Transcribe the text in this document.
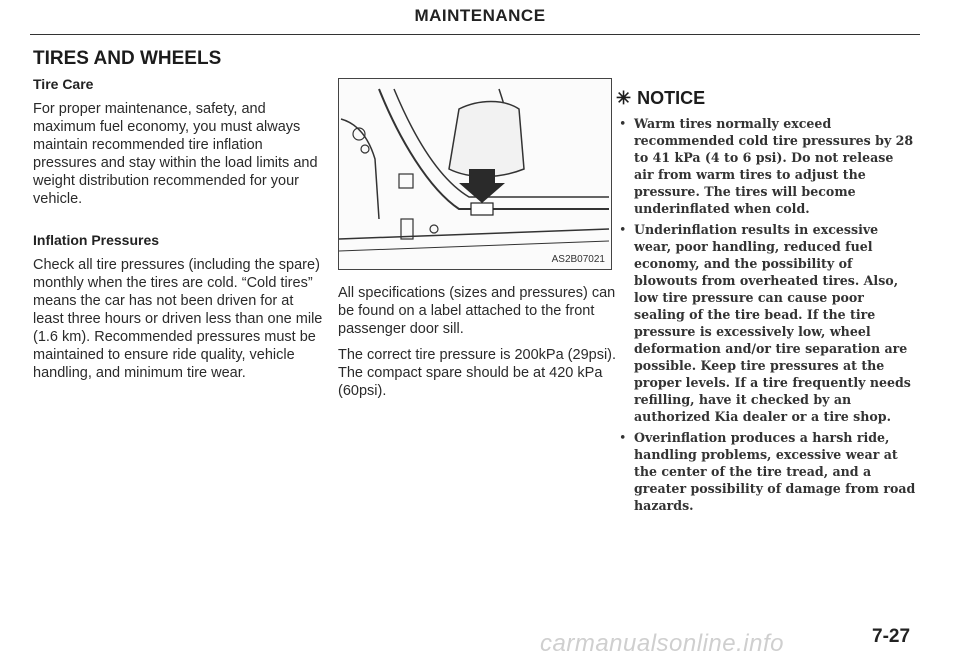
MAINTENANCE
TIRES AND WHEELS
Tire Care

For proper maintenance, safety, and maximum fuel economy, you must always maintain recommended tire inflation pressures and stay within the load limits and weight distribution recommended for your vehicle.

Inflation Pressures

Check all tire pressures (including the spare) monthly when the tires are cold. “Cold tires” means the car has not been driven for at least three hours or driven less than one mile (1.6 km). Recommended pressures must be maintained to ensure ride quality, vehicle handling, and minimum tire wear.

AS2B07021

All specifications (sizes and pressures) can be found on a label attached to the front passenger door sill.

The correct tire pressure is 200kPa (29psi). The compact spare should be at 420 kPa (60psi).

✳ NOTICE
• Warm tires normally exceed recommended cold tire pressures by 28 to 41 kPa (4 to 6 psi). Do not release air from warm tires to adjust the pressure. The tires will become underinflated when cold.
• Underinflation results in excessive wear, poor handling, reduced fuel economy, and the possibility of blowouts from overheated tires. Also, low tire pressure can cause poor sealing of the tire bead. If the tire pressure is excessively low, wheel deformation and/or tire separation are possible. Keep tire pressures at the proper levels. If a tire frequently needs refilling, have it checked by an authorized Kia dealer or a tire shop.
• Overinflation produces a harsh ride, handling problems, excessive wear at the center of the tire tread, and a greater possibility of damage from road hazards.
carmanualsonline.info	7-27
